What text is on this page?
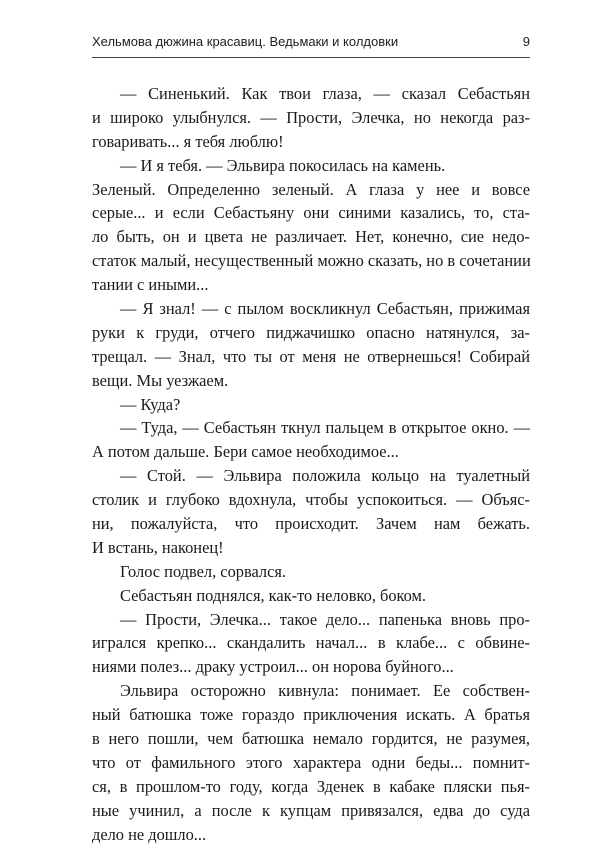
Хельмова дюжина красавиц. Ведьмаки и колдовки	9
— Синенький. Как твои глаза, — сказал Себастьян
и широко улыбнулся. — Прости, Элечка, но некогда раз-
говаривать... я тебя люблю!
— И я тебя. — Эльвира покосилась на камень.
Зеленый. Определенно зеленый. А глаза у нее и вовсе
серые... и если Себастьяну они синими казались, то, ста-
ло быть, он и цвета не различает. Нет, конечно, сие недо-
статок малый, несущественный можно сказать, но в сочетании
тании с иными...
— Я знал! — с пылом воскликнул Себастьян, прижимая
руки к груди, отчего пиджачишко опасно натянулся, за-
трещал. — Знал, что ты от меня не отвернешься! Собирай
вещи. Мы уезжаем.
— Куда?
— Туда, — Себастьян ткнул пальцем в открытое окно. —
А потом дальше. Бери самое необходимое...
— Стой. — Эльвира положила кольцо на туалетный
столик и глубоко вдохнула, чтобы успокоиться. — Объяс-
ни, пожалуйста, что происходит. Зачем нам бежать.
И встань, наконец!
Голос подвел, сорвался.
Себастьян поднялся, как-то неловко, боком.
— Прости, Элечка... такое дело... папенька вновь про-
игрался крепко... скандалить начал... в клабе... с обвине-
ниями полез... драку устроил... он норова буйного...
Эльвира осторожно кивнула: понимает. Ее собствен-
ный батюшка тоже гораздо приключения искать. А братья
в него пошли, чем батюшка немало гордится, не разумея,
что от фамильного этого характера одни беды... помнит-
ся, в прошлом-то году, когда Зденек в кабаке пляски пья-
ные учинил, а после к купцам привязался, едва до суда
дело не дошло...
